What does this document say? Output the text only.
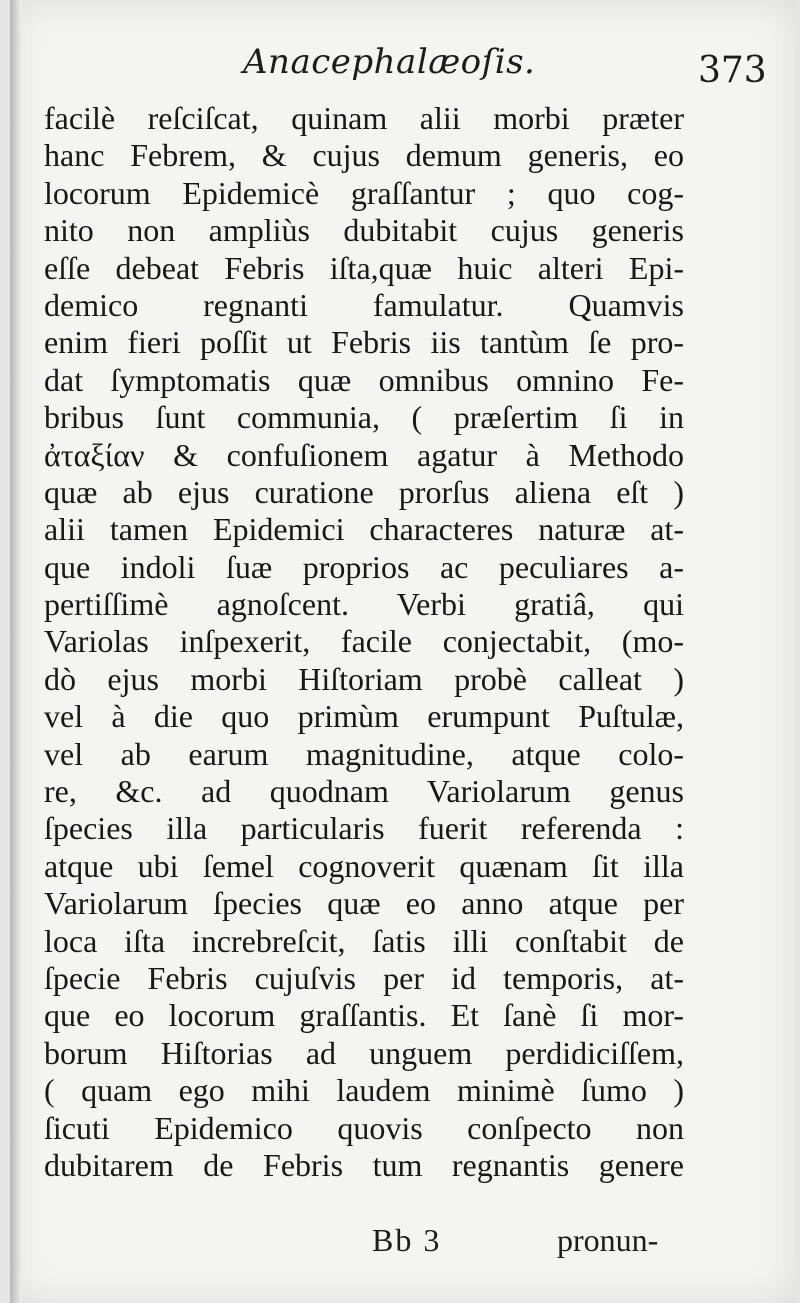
Anacephalæoſis.	373
facilè reſciſcat, quinam alii morbi præter
hanc Febrem, & cujus demum generis, eo
locorum Epidemicè graſſantur ; quo cog-
nito non ampliùs dubitabit cujus generis
eſſe debeat Febris iſta,quæ huic alteri Epi-
demico regnanti famulatur. Quamvis
enim fieri poſſit ut Febris iis tantùm ſe pro-
dat ſymptomatis quæ omnibus omnino Fe-
bribus ſunt communia, ( præſertim ſi in
ἀταξίαν & confuſionem agatur à Methodo
quæ ab ejus curatione prorſus aliena eſt )
alii tamen Epidemici characteres naturæ at-
que indoli ſuæ proprios ac peculiares a-
pertiſſimè agnoſcent. Verbi gratiâ, qui
Variolas inſpexerit, facile conjectabit, (mo-
dò ejus morbi Hiſtoriam probè calleat )
vel à die quo primùm erumpunt Puſtulæ,
vel ab earum magnitudine, atque colo-
re, &c. ad quodnam Variolarum genus
ſpecies illa particularis fuerit referenda :
atque ubi ſemel cognoverit quænam ſit illa
Variolarum ſpecies quæ eo anno atque per
loca iſta increbreſcit, ſatis illi conſtabit de
ſpecie Febris cujuſvis per id temporis, at-
que eo locorum graſſantis. Et ſanè ſi mor-
borum Hiſtorias ad unguem perdidiciſſem,
( quam ego mihi laudem minimè ſumo )
ſicuti Epidemico quovis conſpecto non
dubitarem de Febris tum regnantis genere
Bb 3	pronun-
